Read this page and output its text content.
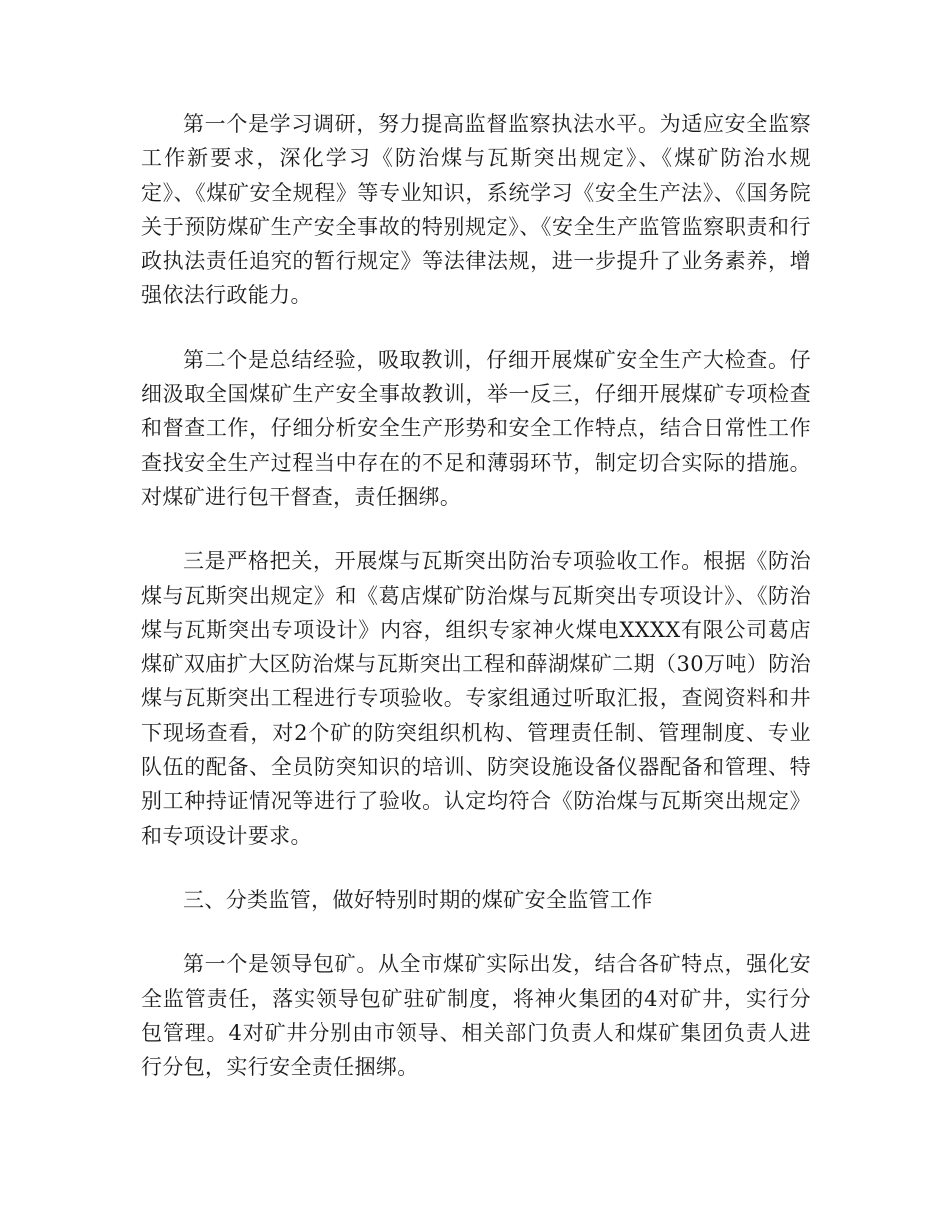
第一个是学习调研，努力提高监督监察执法水平。为适应安全监察工作新要求，深化学习《防治煤与瓦斯突出规定》、《煤矿防治水规定》、《煤矿安全规程》等专业知识，系统学习《安全生产法》、《国务院关于预防煤矿生产安全事故的特别规定》、《安全生产监管监察职责和行政执法责任追究的暂行规定》等法律法规，进一步提升了业务素养，增强依法行政能力。

第二个是总结经验，吸取教训，仔细开展煤矿安全生产大检查。仔细汲取全国煤矿生产安全事故教训，举一反三，仔细开展煤矿专项检查和督查工作，仔细分析安全生产形势和安全工作特点，结合日常性工作查找安全生产过程当中存在的不足和薄弱环节，制定切合实际的措施。对煤矿进行包干督查，责任捆绑。

三是严格把关，开展煤与瓦斯突出防治专项验收工作。根据《防治煤与瓦斯突出规定》和《葛店煤矿防治煤与瓦斯突出专项设计》、《防治煤与瓦斯突出专项设计》内容，组织专家神火煤电XXXX有限公司葛店煤矿双庙扩大区防治煤与瓦斯突出工程和薛湖煤矿二期（30万吨）防治煤与瓦斯突出工程进行专项验收。专家组通过听取汇报，查阅资料和井下现场查看，对2个矿的防突组织机构、管理责任制、管理制度、专业队伍的配备、全员防突知识的培训、防突设施设备仪器配备和管理、特别工种持证情况等进行了验收。认定均符合《防治煤与瓦斯突出规定》和专项设计要求。

三、分类监管，做好特别时期的煤矿安全监管工作

第一个是领导包矿。从全市煤矿实际出发，结合各矿特点，强化安全监管责任，落实领导包矿驻矿制度，将神火集团的4对矿井，实行分包管理。4对矿井分别由市领导、相关部门负责人和煤矿集团负责人进行分包，实行安全责任捆绑。
